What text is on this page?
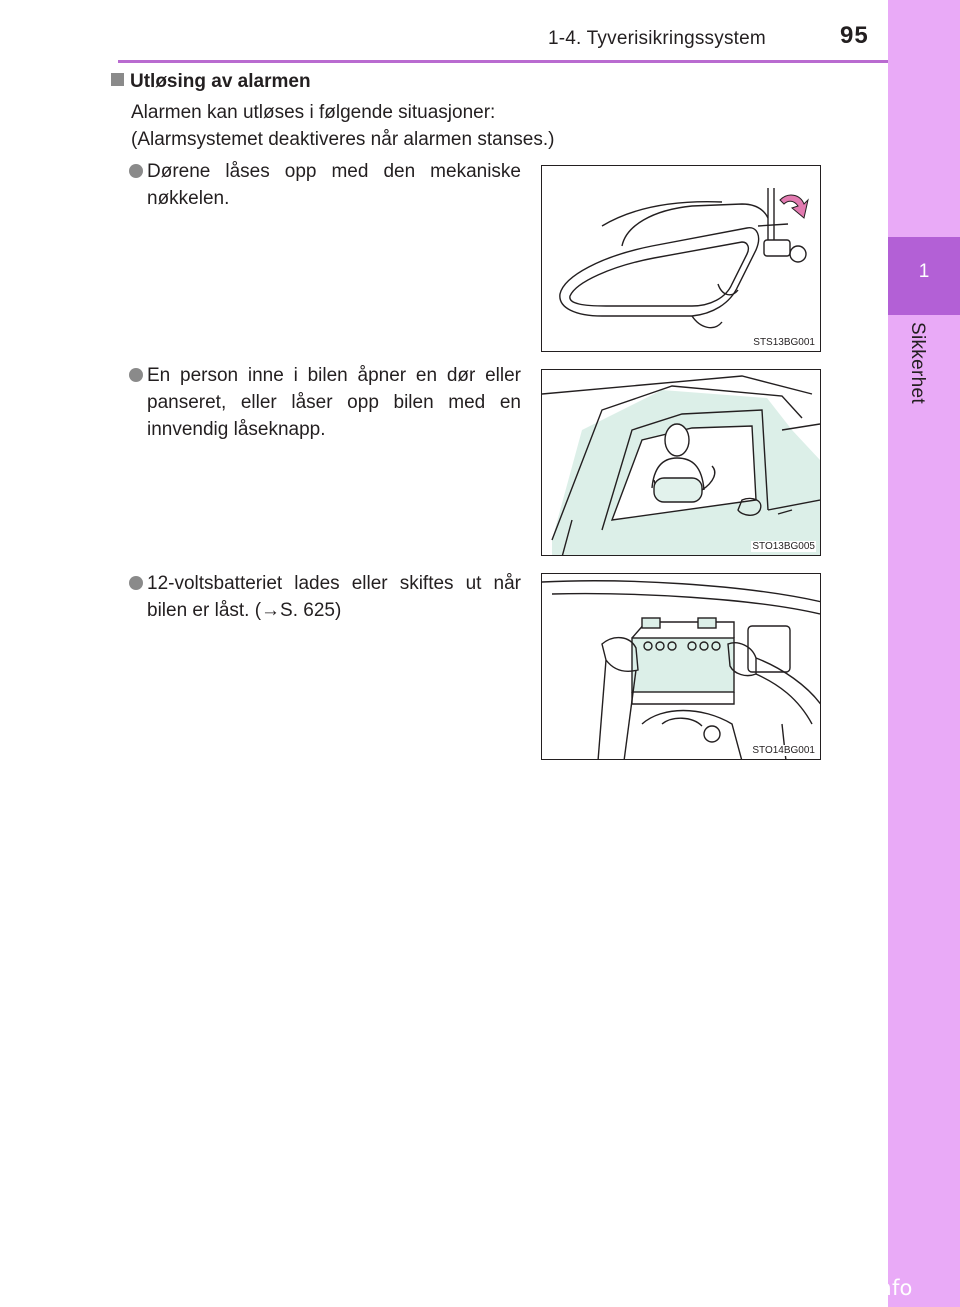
1-4. Tyverisikringssystem	95
1
Sikkerhet
Utløsing av alarmen
Alarmen kan utløses i følgende situasjoner:
(Alarmsystemet deaktiveres når alarmen stanses.)
Dørene låses opp med den mekaniske nøkkelen.
STS13BG001
En person inne i bilen åpner en dør eller panseret, eller låser opp bilen med en innvendig låseknapp.
STO13BG005
12-voltsbatteriet lades eller skiftes ut når bilen er låst. (→S. 625)
STO14BG001
carmanualsonline.info
